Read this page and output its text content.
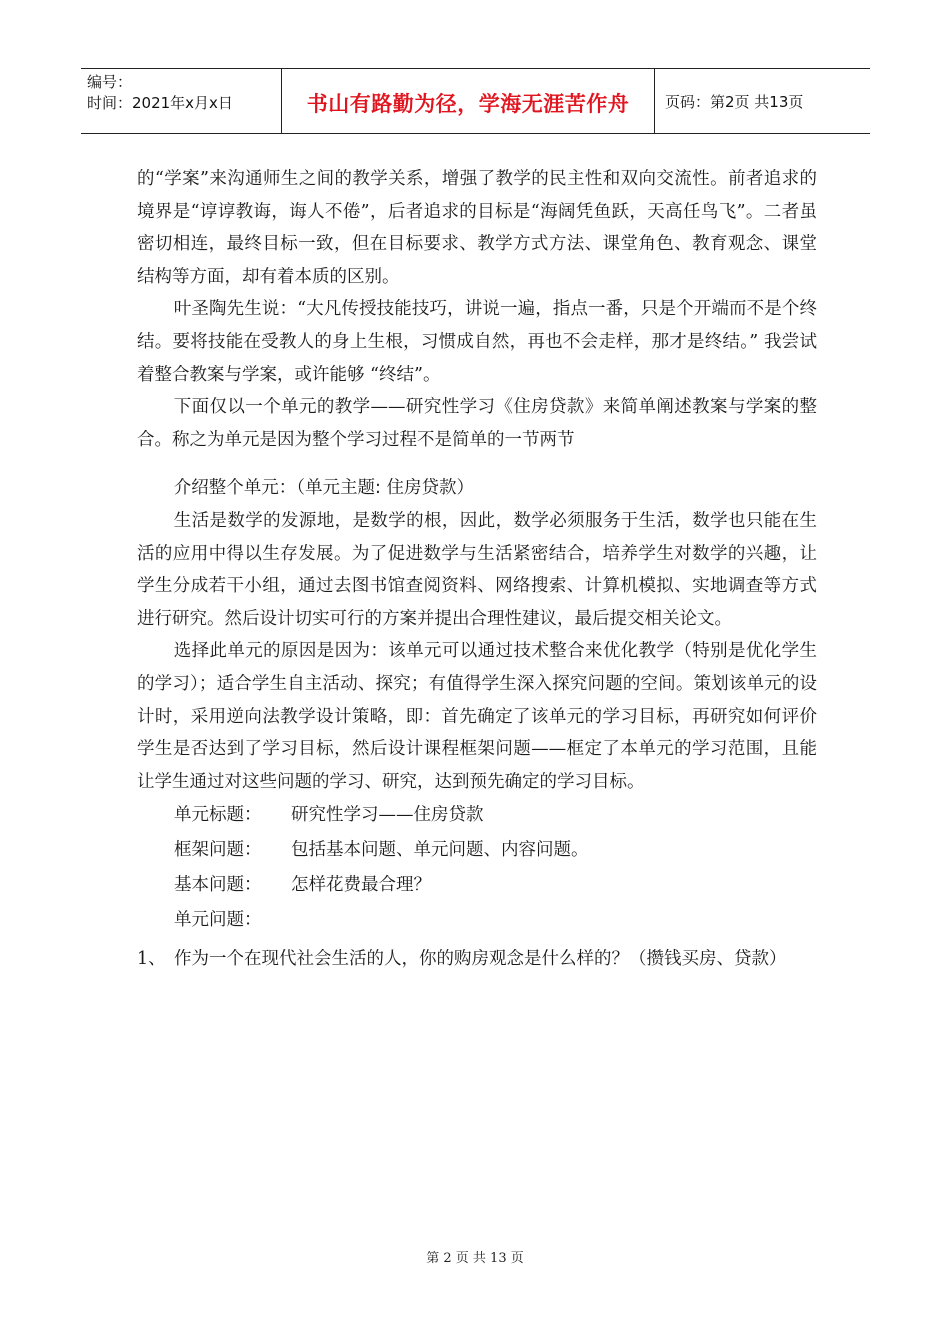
编号：
时间：2021年x月x日	书山有路勤为径，学海无涯苦作舟 页码：第2页 共13页

的“学案”来沟通师生之间的教学关系，增强了教学的民主性和双向交流性。前者追求的境界是“谆谆教诲，诲人不倦”，后者追求的目标是“海阔凭鱼跃，天高任鸟飞”。二者虽密切相连，最终目标一致，但在目标要求、教学方式方法、课堂角色、教育观念、课堂结构等方面，却有着本质的区别。

叶圣陶先生说：“大凡传授技能技巧，讲说一遍，指点一番，只是个开端而不是个终结。要将技能在受教人的身上生根，习惯成自然，再也不会走样，那才是终结。” 我尝试着整合教案与学案，或许能够 “终结”。

下面仅以一个单元的教学——研究性学习《住房贷款》来简单阐述教案与学案的整合。称之为单元是因为整个学习过程不是简单的一节两节

介绍整个单元：（单元主题: 住房贷款）

生活是数学的发源地，是数学的根，因此，数学必须服务于生活，数学也只能在生活的应用中得以生存发展。为了促进数学与生活紧密结合，培养学生对数学的兴趣，让学生分成若干小组，通过去图书馆查阅资料、网络搜索、计算机模拟、实地调查等方式进行研究。然后设计切实可行的方案并提出合理性建议，最后提交相关论文。

选择此单元的原因是因为：该单元可以通过技术整合来优化教学（特别是优化学生的学习）；适合学生自主活动、探究；有值得学生深入探究问题的空间。策划该单元的设计时，采用逆向法教学设计策略，即：首先确定了该单元的学习目标，再研究如何评价学生是否达到了学习目标，然后设计课程框架问题——框定了本单元的学习范围，且能让学生通过对这些问题的学习、研究，达到预先确定的学习目标。

单元标题：	研究性学习——住房贷款
框架问题：	包括基本问题、单元问题、内容问题。
基本问题：	怎样花费最合理？
单元问题：
1、 作为一个在现代社会生活的人，你的购房观念是什么样的？（攒钱买房、贷款）
第 2 页 共 13 页
